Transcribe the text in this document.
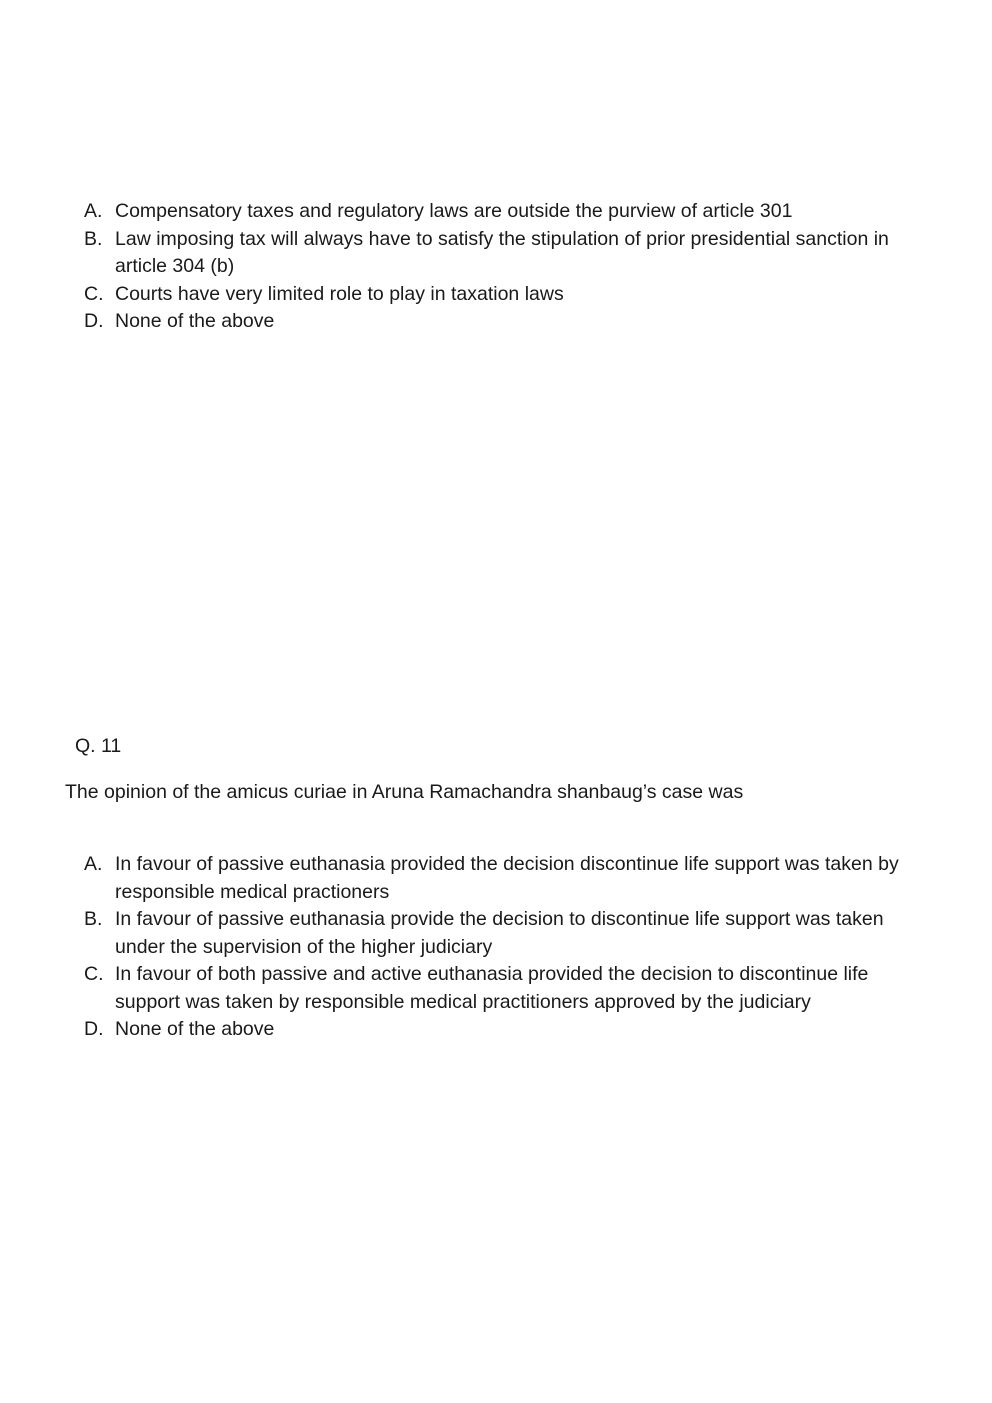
A. Compensatory taxes and regulatory laws are outside the purview of article 301
B. Law imposing tax will always have to satisfy the stipulation of prior presidential sanction in article 304 (b)
C. Courts have very limited role to play in taxation laws
D. None of the above
Q. 11
The opinion of the amicus curiae in Aruna Ramachandra shanbaug’s case was
A. In favour of passive euthanasia provided the decision discontinue life support was taken by responsible medical practioners
B. In favour of passive euthanasia provide the decision to discontinue life support was taken under the supervision of the higher judiciary
C. In favour of both passive and active euthanasia provided the decision to discontinue life support was taken by responsible medical practitioners approved by the judiciary
D. None of the above
